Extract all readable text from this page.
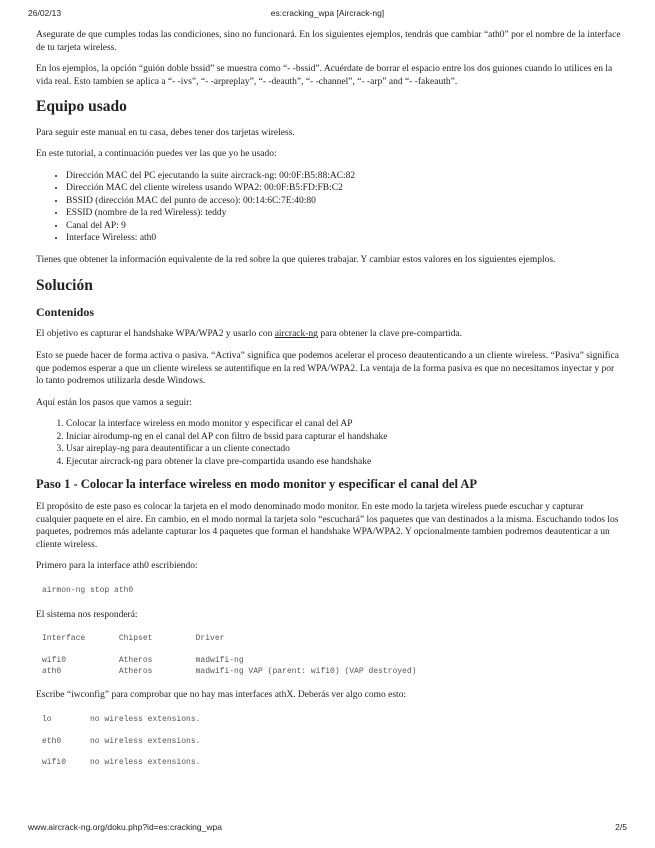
26/02/13	es:cracking_wpa [Aircrack-ng]

Asegurate de que cumples todas las condiciones, sino no funcionará. En los siguientes ejemplos, tendrás que cambiar “ath0” por el nombre de la interface de tu tarjeta wireless.

En los ejemplos, la opción “guión doble bssid” se muestra como “- -bssid”. Acuérdate de borrar el espacio entre los dos guiones cuando lo utilices en la vida real. Esto tambien se aplica a “- -ivs”, “- -arpreplay”, “- -deauth”, “- -channel”, “- -arp” and “- -fakeauth”.

Equipo usado

Para seguir este manual en tu casa, debes tener dos tarjetas wireless.

En este tutorial, a continuación puedes ver las que yo he usado:

• Dirección MAC del PC ejecutando la suite aircrack-ng: 00:0F:B5:88:AC:82
• Dirección MAC del cliente wireless usando WPA2: 00:0F:B5:FD:FB:C2
• BSSID (dirección MAC del punto de acceso): 00:14:6C:7E:40:80
• ESSID (nombre de la red Wireless): teddy
• Canal del AP: 9
• Interface Wireless: ath0

Tienes que obtener la información equivalente de la red sobre la que quieres trabajar. Y cambiar estos valores en los siguientes ejemplos.

Solución
Contenidos

El objetivo es capturar el handshake WPA/WPA2 y usarlo con aircrack-ng para obtener la clave pre-compartida.

Esto se puede hacer de forma activa o pasiva. “Activa” significa que podemos acelerar el proceso deautenticando a un cliente wireless. “Pasiva” significa que podemos esperar a que un cliente wireless se autentifique en la red WPA/WPA2. La ventaja de la forma pasiva es que no necesitamos inyectar y por lo tanto podremos utilizarla desde Windows.

Aquí están los pasos que vamos a seguir:

1. Colocar la interface wireless en modo monitor y especificar el canal del AP
2. Iniciar airodump-ng en el canal del AP con filtro de bssid para capturar el handshake
3. Usar aireplay-ng para deautentificar a un cliente conectado
4. Ejecutar aircrack-ng para obtener la clave pre-compartida usando ese handshake
Paso 1 - Colocar la interface wireless en modo monitor y especificar el canal del AP

El propósito de este paso es colocar la tarjeta en el modo denominado modo monitor. En este modo la tarjeta wireless puede escuchar y capturar cualquier paquete en el aire. En cambio, en el modo normal la tarjeta solo “escuchará” los paquetes que van destinados a la misma. Escuchando todos los paquetes, podremos más adelante capturar los 4 paquetes que forman el handshake WPA/WPA2. Y opcionalmente tambien podremos deautenticar a un cliente wireless.

Primero para la interface ath0 escribiendo:

airmon-ng stop ath0

El sistema nos responderá:

Interface       Chipset         Driver

wifi0           Atheros         madwifi-ng
ath0            Atheros         madwifi-ng VAP (parent: wifi0) (VAP destroyed)

Escribe “iwconfig” para comprobar que no hay mas interfaces athX. Deberás ver algo como esto:

lo        no wireless extensions.

eth0      no wireless extensions.

wifi0     no wireless extensions.
www.aircrack-ng.org/doku.php?id=es:cracking_wpa	2/5
